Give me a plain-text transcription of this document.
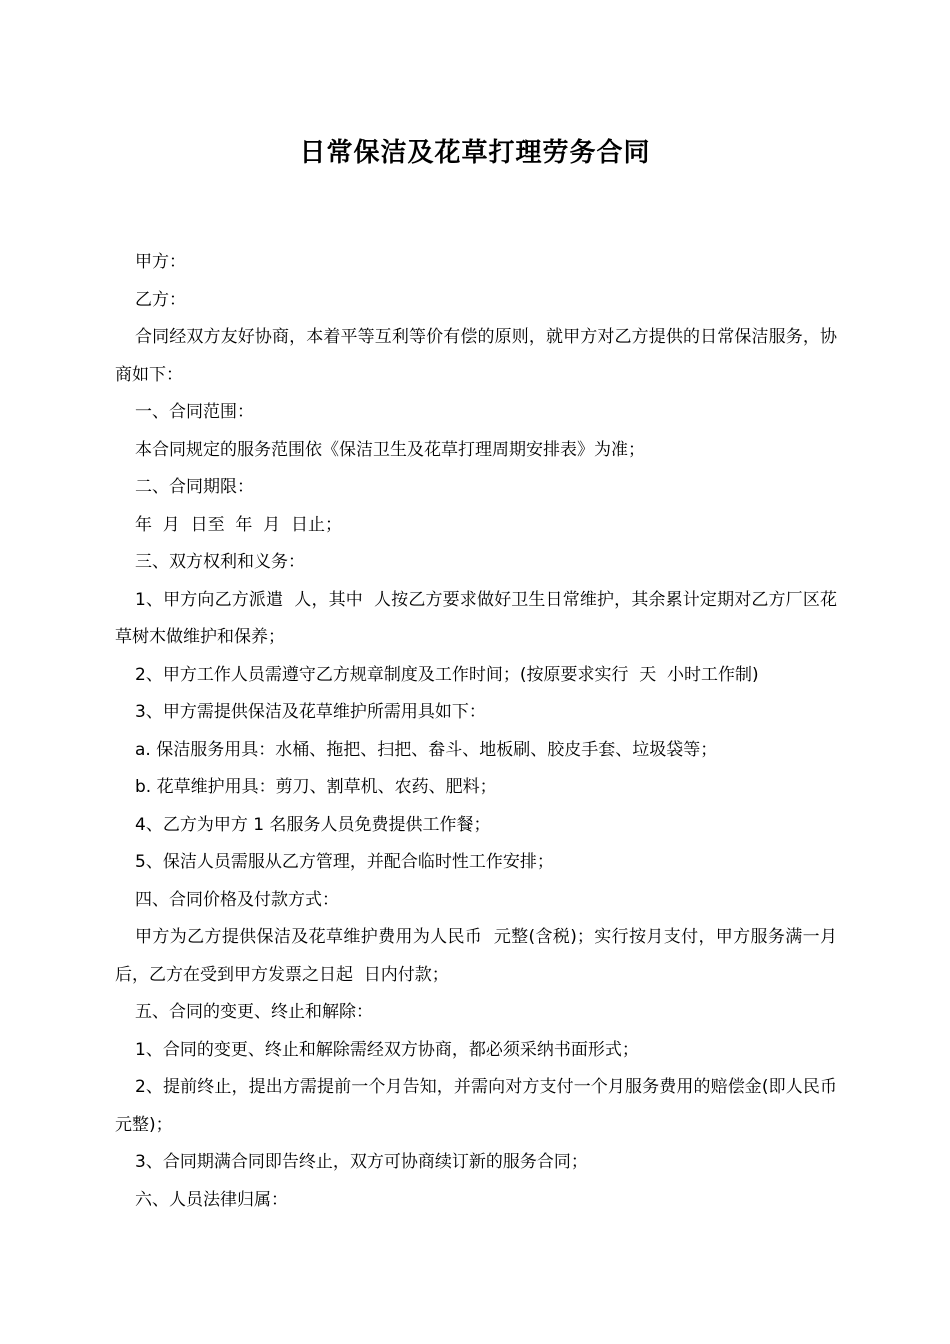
日常保洁及花草打理劳务合同

甲方：

乙方：

合同经双方友好协商，本着平等互利等价有偿的原则，就甲方对乙方提供的日常保洁服务，协商如下：

一、合同范围：

本合同规定的服务范围依《保洁卫生及花草打理周期安排表》为准；

二、合同期限：

年  月  日至  年  月  日止；

三、双方权利和义务：

1、甲方向乙方派遣  人，其中  人按乙方要求做好卫生日常维护，其余累计定期对乙方厂区花草树木做维护和保养；

2、甲方工作人员需遵守乙方规章制度及工作时间；(按原要求实行  天  小时工作制)

3、甲方需提供保洁及花草维护所需用具如下：

a. 保洁服务用具：水桶、拖把、扫把、畚斗、地板刷、胶皮手套、垃圾袋等；

b. 花草维护用具：剪刀、割草机、农药、肥料；

4、乙方为甲方 1 名服务人员免费提供工作餐；

5、保洁人员需服从乙方管理，并配合临时性工作安排；

四、合同价格及付款方式：

甲方为乙方提供保洁及花草维护费用为人民币  元整(含税)；实行按月支付，甲方服务满一月后，乙方在受到甲方发票之日起  日内付款；

五、合同的变更、终止和解除：

1、合同的变更、终止和解除需经双方协商，都必须采纳书面形式；

2、提前终止，提出方需提前一个月告知，并需向对方支付一个月服务费用的赔偿金(即人民币  元整)；

3、合同期满合同即告终止，双方可协商续订新的服务合同；

六、人员法律归属：
